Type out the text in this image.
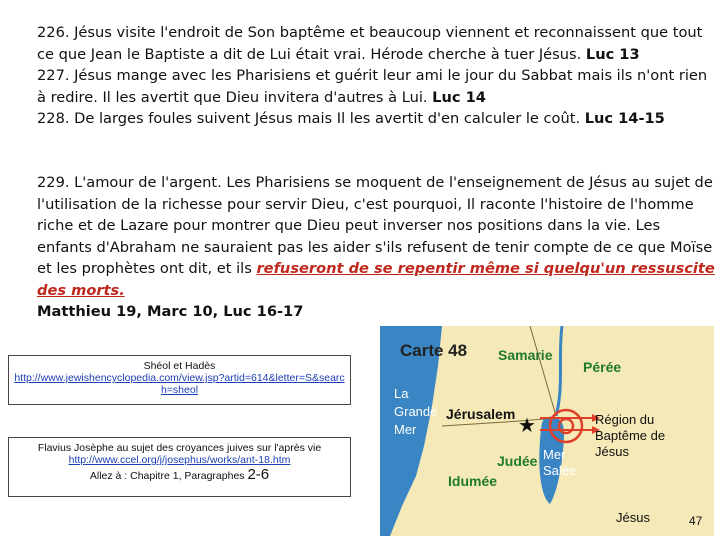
226. Jésus visite l'endroit de Son baptême et beaucoup viennent et reconnaissent que tout ce que Jean le Baptiste a dit de Lui était vrai. Hérode cherche à tuer Jésus. Luc 13
227. Jésus mange avec les Pharisiens et guérit leur ami le jour du Sabbat mais ils n'ont rien à redire. Il les avertit que Dieu invitera d'autres à Lui. Luc 14
228. De larges foules suivent Jésus mais Il les avertit d'en calculer le coût. Luc 14-15
229. L'amour de l'argent. Les Pharisiens se moquent de l'enseignement de Jésus au sujet de l'utilisation de la richesse pour servir Dieu, c'est pourquoi, Il raconte l'histoire de l'homme riche et de Lazare pour montrer que Dieu peut inverser nos positions dans la vie. Les enfants d'Abraham ne sauraient pas les aider s'ils refusent de tenir compte de ce que Moïse et les prophètes ont dit, et ils refuseront de se repentir même si quelqu'un ressuscite des morts.
Matthieu 19, Marc 10, Luc 16-17
Shéol et Hadès
http://www.jewishencyclopedia.com/view.jsp?artid=614&letter=S&search=sheol
Flavius Josèphe au sujet des croyances juives sur l'après vie
http://www.ccel.org/j/josephus/works/ant-18.htm
Allez à : Chapitre 1, Paragraphes 2-6
★
Carte 48 Samarie
Pérée
La
Grande
Mer
Jérusalem	Région du
Baptême de
Jésus
Judée Mer
Salée
Idumée
Jésus	47
